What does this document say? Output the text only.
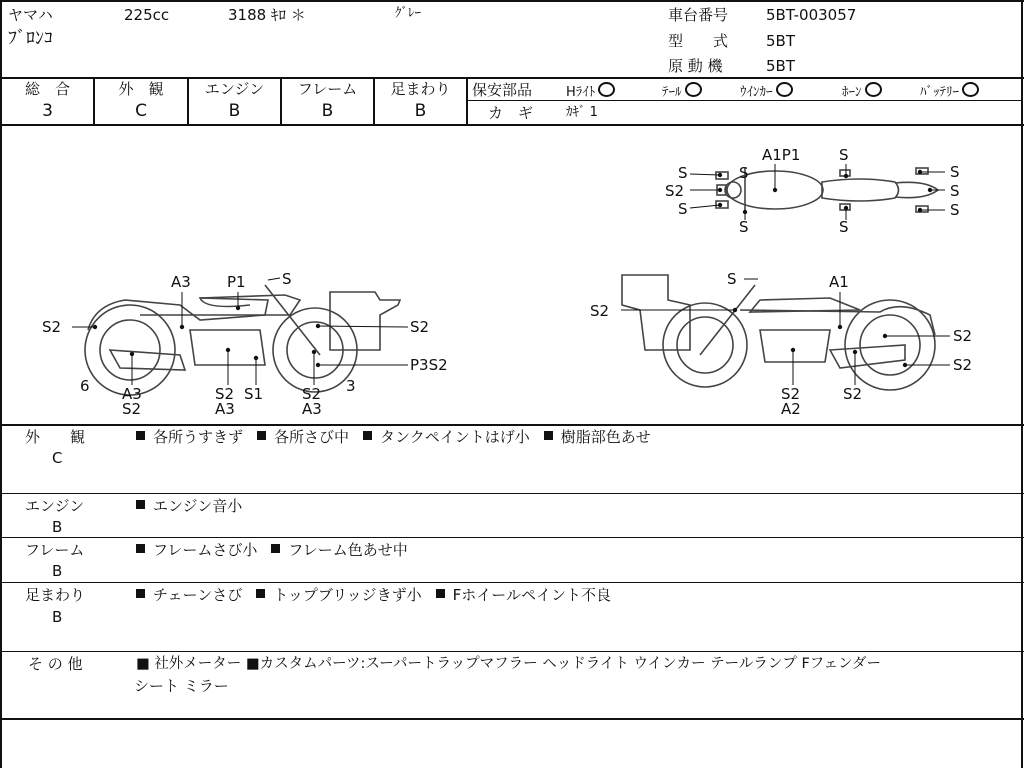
ヤマハ	225cc	3188 ｷﾛ ＊	ｸﾞﾚｰ
ﾌﾞﾛﾝｺ
車台番号	5BT-003057
型　　式	5BT
原 動 機	5BT
総　合
3
外　観
C
エンジン
B
フレーム
B
足まわり
B
保安部品	Hﾗｲﾄ	ﾃｰﾙ	ｳｲﾝｶｰ	ﾎｰﾝ	ﾊﾞｯﾃﾘｰ
カ　ギ	ｶｷﾞ 1
A1P1	S
S
S2
S
S	S
S
S
S
S
A3 P1 S
S2	S2
P3S2
6 A3
S2
S2
A3
S1	S2
A3
3
S	A1
S2
S2
S2
S2
A2
S2
外　　観
C
各所うすきず 各所さび中 タンクペイントはげ小 樹脂部色あせ
エンジン
B
エンジン音小
フレーム
B
フレームさび小 フレーム色あせ中
足まわり
B
チェーンさび トップブリッジきず小 Fホイールペイント不良
そ の 他	■ 社外メーター ■カスタムパーツ:スーパートラップマフラー ヘッドライト ウインカー テールランプ Fフェンダー
シート ミラー
